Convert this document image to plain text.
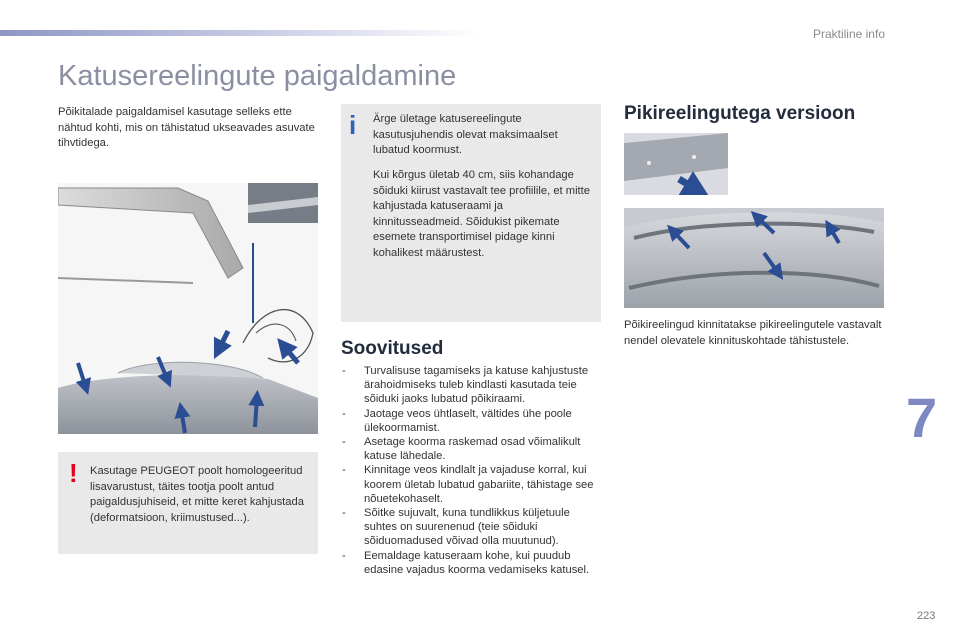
Praktiline info
Katusereelingute paigaldamine

Põikitalade paigaldamisel kasutage selleks ette nähtud kohti, mis on tähistatud ukseavades asuvate tihvtidega.

! Kasutage PEUGEOT poolt homologeeritud lisavarustust, täites tootja poolt antud paigaldusjuhiseid, et mitte keret kahjustada (deformatsioon, kriimustused...).

i Ärge ületage katusereelingute kasutusjuhendis olevat maksimaalset lubatud koormust.

Kui kõrgus ületab 40 cm, siis kohandage sõiduki kiirust vastavalt tee profiilile, et mitte kahjustada katuseraami ja kinnitusseadmeid. Sõidukist pikemate esemete transportimisel pidage kinni kohalikest määrustest.

Soovitused
- Turvalisuse tagamiseks ja katuse kahjustuste ärahoidmiseks tuleb kindlasti kasutada teie sõiduki jaoks lubatud põikiraami.
- Jaotage veos ühtlaselt, vältides ühe poole ülekoormamist.
- Asetage koorma raskemad osad võimalikult katuse lähedale.
- Kinnitage veos kindlalt ja vajaduse korral, kui koorem ületab lubatud gabariite, tähistage see nõuetekohaselt.
- Sõitke sujuvalt, kuna tundlikkus küljetuule suhtes on suurenenud (teie sõiduki sõiduomadused võivad olla muutunud).
- Eemaldage katuseraam kohe, kui puudub edasine vajadus koorma vedamiseks katusel.
Pikireelingutega versioon

Põikireelingud kinnitatakse pikireelingutele vastavalt nendel olevatele kinnituskohtade tähistustele.

7
223
